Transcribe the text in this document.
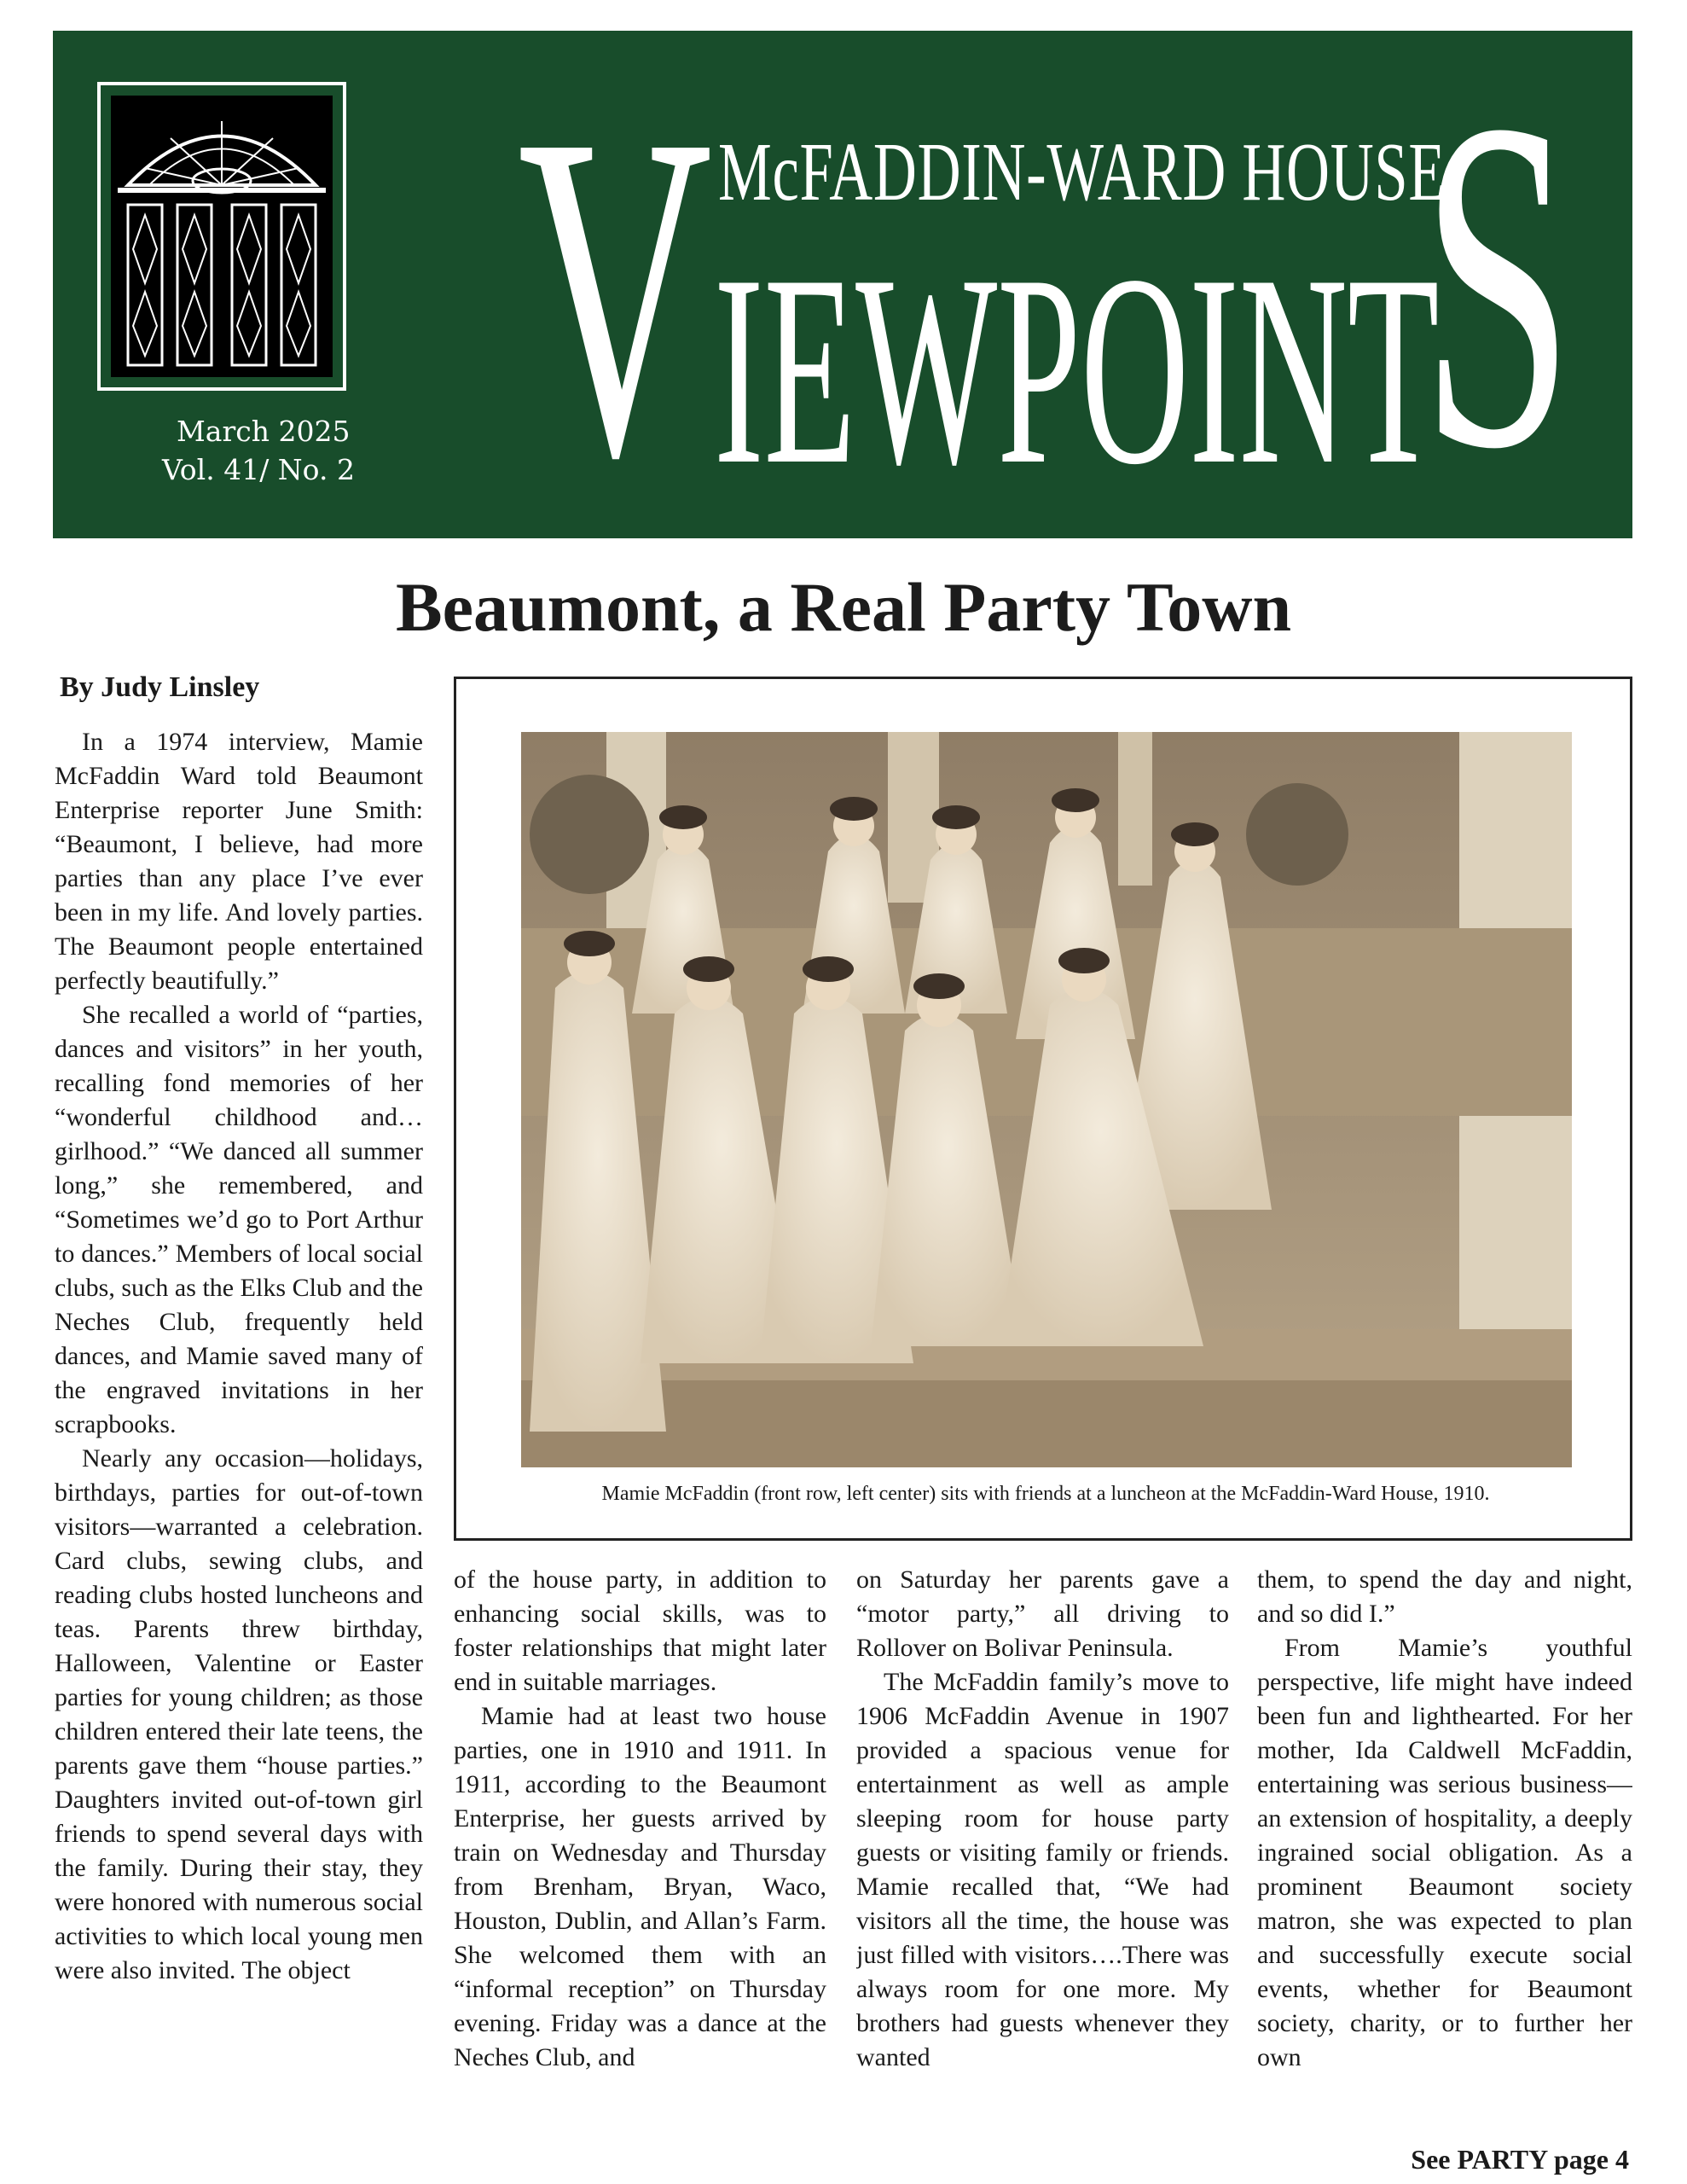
March 2025
Vol. 41/ No. 2
McFADDIN-WARD HOUSE
V IEWPOINT
S
Beaumont, a Real Party Town
By Judy Linsley

In a 1974 interview, Mamie McFaddin Ward told Beaumont Enterprise reporter June Smith: “Beaumont, I believe, had more parties than any place I’ve ever been in my life. And lovely parties. The Beaumont people entertained perfectly beautifully.”

She recalled a world of “parties, dances and visitors” in her youth, recalling fond memories of her “wonderful childhood and…girlhood.” “We danced all summer long,” she remembered, and “Sometimes we’d go to Port Arthur to dances.” Members of local social clubs, such as the Elks Club and the Neches Club, frequently held dances, and Mamie saved many of the engraved invitations in her scrapbooks.

Nearly any occasion—holidays, birthdays, parties for out-of-town visitors—warranted a celebration. Card clubs, sewing clubs, and reading clubs hosted luncheons and teas. Parents threw birthday, Halloween, Valentine or Easter parties for young children; as those children entered their late teens, the parents gave them “house parties.” Daughters invited out-of-town girl friends to spend several days with the family. During their stay, they were honored with numerous social activities to which local young men were also invited. The object

Mamie McFaddin (front row, left center) sits with friends at a luncheon at the McFaddin-Ward House, 1910.

of the house party, in addition to enhancing social skills, was to foster relationships that might later end in suitable marriages.

Mamie had at least two house parties, one in 1910 and 1911. In 1911, according to the Beaumont Enterprise, her guests arrived by train on Wednesday and Thursday from Brenham, Bryan, Waco, Houston, Dublin, and Allan’s Farm. She welcomed them with an “informal reception” on Thursday evening. Friday was a dance at the Neches Club, and

on Saturday her parents gave a “motor party,” all driving to Rollover on Bolivar Peninsula.

The McFaddin family’s move to 1906 McFaddin Avenue in 1907 provided a spacious venue for entertainment as well as ample sleeping room for house party guests or visiting family or friends. Mamie recalled that, “We had visitors all the time, the house was just filled with visitors….There was always room for one more. My brothers had guests whenever they wanted

them, to spend the day and night, and so did I.”

From Mamie’s youthful perspective, life might have indeed been fun and lighthearted. For her mother, Ida Caldwell McFaddin, entertaining was serious business—an extension of hospitality, a deeply ingrained social obligation. As a prominent Beaumont society matron, she was expected to plan and successfully execute social events, whether for Beaumont society, charity, or to further her own

See PARTY page 4
